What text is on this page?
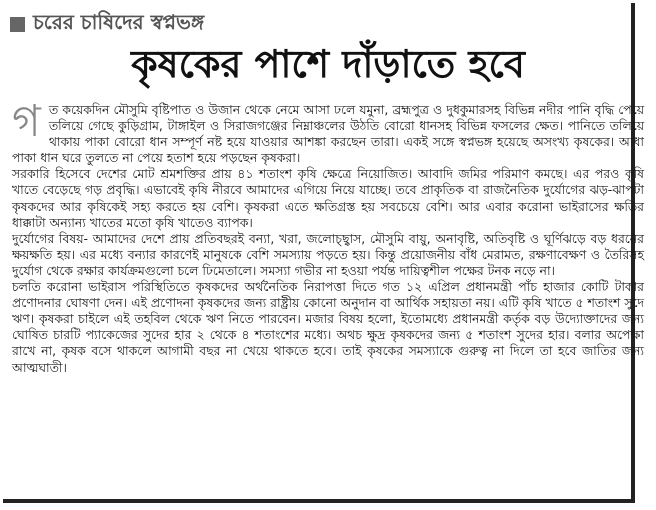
চরের চাষিদের স্বপ্নভঙ্গ
কৃষকের পাশে দাঁড়াতে হবে

গত কয়েকদিন মৌসুমি বৃষ্টিপাত ও উজান থেকে নেমে আসা ঢলে যমুনা, ব্রহ্মপুত্র ও দুধকুমারসহ বিভিন্ন নদীর পানি বৃদ্ধি পেয়ে তলিয়ে গেছে কুড়িগ্রাম, টাঙ্গাইল ও সিরাজগঞ্জের নিম্নাঞ্চলের উঠতি বোরো ধানসহ বিভিন্ন ফসলের ক্ষেত। পানিতে তলিয়ে থাকায় পাকা বোরো ধান সম্পূর্ণ নষ্ট হয়ে যাওয়ার আশঙ্কা করছেন তারা। একই সঙ্গে স্বপ্নভঙ্গ হয়েছে অসংখ্য কৃষকের। আধা পাকা ধান ঘরে তুলতে না পেয়ে হতাশ হয়ে পড়ছেন কৃষকরা।

সরকারি হিসেবে দেশের মোট শ্রমশক্তির প্রায় ৪১ শতাংশ কৃষি ক্ষেত্রে নিয়োজিত। আবাদি জমির পরিমাণ কমছে। এর পরও কৃষি খাতে বেড়েছে গড় প্রবৃদ্ধি। এভাবেই কৃষি নীরবে আমাদের এগিয়ে নিয়ে যাচ্ছে। তবে প্রাকৃতিক বা রাজনৈতিক দুর্যোগের ঝড়-ঝাপটা কৃষকদের আর কৃষিকেই সহ্য করতে হয় বেশি। কৃষকরা এতে ক্ষতিগ্রস্ত হয় সবচেয়ে বেশি। আর এবার করোনা ভাইরাসের ক্ষতির ধাক্কাটা অন্যান্য খাতের মতো কৃষি খাতেও ব্যাপক।

দুর্যোগের বিষয়- আমাদের দেশে প্রায় প্রতিবছরই বন্যা, খরা, জলোচ্ছ্বাস, মৌসুমি বায়ু, অনাবৃষ্টি, অতিবৃষ্টি ও ঘূর্ণিঝড়ে বড় ধরনের ক্ষয়ক্ষতি হয়। এর মধ্যে বন্যার কারণেই মানুষকে বেশি সমস্যায় পড়তে হয়। কিন্তু প্রয়োজনীয় বাঁধ মেরামত, রক্ষণাবেক্ষণ ও তৈরিসহ দুর্যোগ থেকে রক্ষার কার্যক্রমগুলো চলে ঢিমেতালে। সমস্যা গভীর না হওয়া পর্যন্ত দায়িত্বশীল পক্ষের টনক নড়ে না।

চলতি করোনা ভাইরাস পরিস্থিতিতে কৃষকদের অর্থনৈতিক নিরাপত্তা দিতে গত ১২ এপ্রিল প্রধানমন্ত্রী পাঁচ হাজার কোটি টাকার প্রণোদনার ঘোষণা দেন। এই প্রণোদনা কৃষকদের জন্য রাষ্ট্রীয় কোনো অনুদান বা আর্থিক সহায়তা নয়। এটি কৃষি খাতে ৫ শতাংশ সুদে ঋণ। কৃষকরা চাইলে এই তহবিল থেকে ঋণ নিতে পারবেন। মজার বিষয় হলো, ইতোমধ্যে প্রধানমন্ত্রী কর্তৃক বড় উদ্যোক্তাদের জন্য ঘোষিত চারটি প্যাকেজের সুদের হার ২ থেকে ৪ শতাংশের মধ্যে। অথচ ক্ষুদ্র কৃষকদের জন্য ৫ শতাংশ সুদের হার। বলার অপেক্ষা রাখে না, কৃষক বসে থাকলে আগামী বছর না খেয়ে থাকতে হবে। তাই কৃষকের সমস্যাকে গুরুত্ব না দিলে তা হবে জাতির জন্য আত্মঘাতী।
